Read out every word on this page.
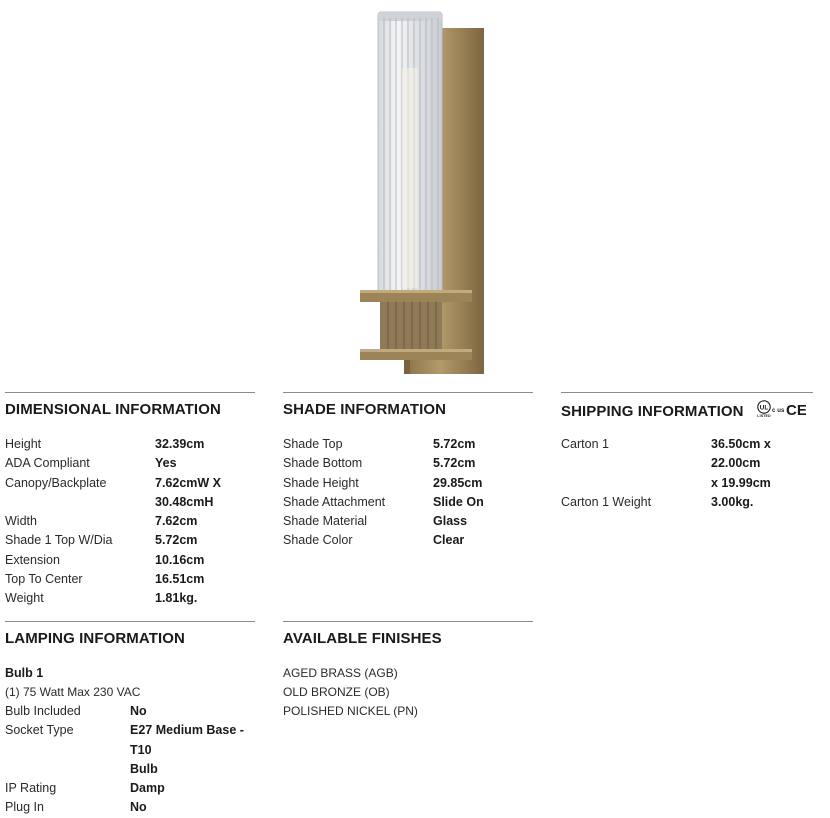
DIMENSIONAL INFORMATION
Height	32.39cm
ADA Compliant	Yes
Canopy/Backplate	7.62cmW X
30.48cmH
Width	7.62cm
Shade 1 Top W/Dia	5.72cm
Extension	10.16cm
Top To Center	16.51cm
Weight	1.81kg.
SHADE INFORMATION
Shade Top	5.72cm
Shade Bottom	5.72cm
Shade Height	29.85cm
Shade Attachment	Slide On
Shade Material	Glass
Shade Color	Clear
SHIPPING INFORMATION UL
LISTED
c us CE
Carton 1	36.50cm x 22.00cm
x 19.99cm
Carton 1 Weight	3.00kg.
LAMPING INFORMATION
Bulb 1
(1) 75 Watt Max 230 VAC
Bulb Included	No
Socket Type	E27 Medium Base - T10
Bulb
IP Rating	Damp
Plug In	No
AVAILABLE FINISHES
AGED BRASS (AGB)
OLD BRONZE (OB)
POLISHED NICKEL (PN)
